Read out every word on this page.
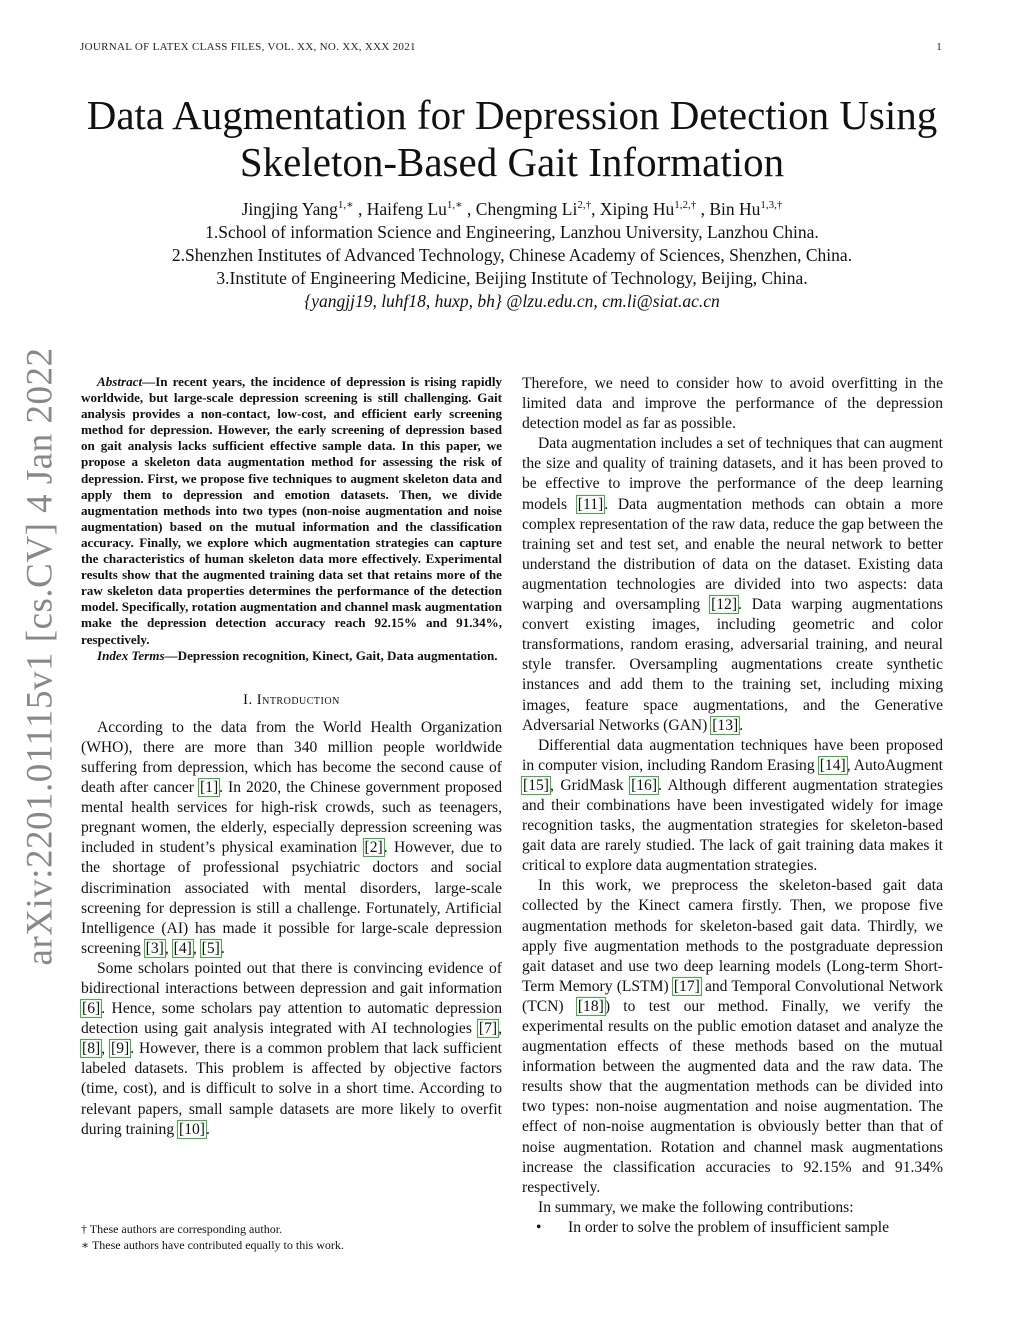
JOURNAL OF LATEX CLASS FILES, VOL. XX, NO. XX, XXX 2021	1
Data Augmentation for Depression Detection Using
Skeleton-Based Gait Information
Jingjing Yang$^{1,∗}$ , Haifeng $Lu^{1,∗}$ , Chengming $Li^{2,\dagger}$, Xiping $Hu^{1,2,\dagger}$ , Bin $Hu^{1,3,\dagger}$
1.School of information Science and Engineering, Lanzhou University, Lanzhou China.
2.Shenzhen Institutes of Advanced Technology, Chinese Academy of Sciences, Shenzhen, China.
3.Institute of Engineering Medicine, Beijing Institute of Technology, Beijing, China.
{yangjj19, luhf18, huxp, bh} @lzu.edu.cn, cm.li@siat.ac.cn
arXiv:2201.01115v1 [cs.CV] 4 Jan 2022	Abstract—In recent years, the incidence of depression is rising rapidly worldwide, but large-scale depression screening is still challenging. Gait analysis provides a non-contact, low-cost, and efficient early screening method for depression. However, the early screening of depression based on gait analysis lacks sufficient effective sample data. In this paper, we propose a skeleton data augmentation method for assessing the risk of depression. First, we propose five techniques to augment skeleton data and apply them to depression and emotion datasets. Then, we divide augmentation methods into two types (non-noise augmentation and noise augmentation) based on the mutual information and the classification accuracy. Finally, we explore which augmentation strategies can capture the characteristics of human skeleton data more effectively. Experimental results show that the augmented training data set that retains more of the raw skeleton data properties determines the performance of the detection model. Specifically, rotation augmentation and channel mask augmentation make the depression detection accuracy reach 92.15% and 91.34%, respectively.

Index Terms—Depression recognition, Kinect, Gait, Data augmentation.

I. Introduction

According to the data from the World Health Organization (WHO), there are more than 340 million people worldwide suffering from depression, which has become the second cause of death after cancer [1]. In 2020, the Chinese government proposed mental health services for high-risk crowds, such as teenagers, pregnant women, the elderly, especially depression screening was included in student’s physical examination [2]. However, due to the shortage of professional psychiatric doctors and social discrimination associated with mental disorders, large-scale screening for depression is still a challenge. Fortunately, Artificial Intelligence (AI) has made it possible for large-scale depression screening [3], [4], [5].

Some scholars pointed out that there is convincing evidence of bidirectional interactions between depression and gait information [6]. Hence, some scholars pay attention to automatic depression detection using gait analysis integrated with AI technologies [7], [8], [9]. However, there is a common problem that lack sufficient labeled datasets. This problem is affected by objective factors (time, cost), and is difficult to solve in a short time. According to relevant papers, small sample datasets are more likely to overfit during training [10].

† These authors are corresponding author.
∗ These authors have contributed equally to this work.

Therefore, we need to consider how to avoid overfitting in the limited data and improve the performance of the depression detection model as far as possible.

Data augmentation includes a set of techniques that can augment the size and quality of training datasets, and it has been proved to be effective to improve the performance of the deep learning models [11]. Data augmentation methods can obtain a more complex representation of the raw data, reduce the gap between the training set and test set, and enable the neural network to better understand the distribution of data on the dataset. Existing data augmentation technologies are divided into two aspects: data warping and oversampling [12]. Data warping augmentations convert existing images, including geometric and color transformations, random erasing, adversarial training, and neural style transfer. Oversampling augmentations create synthetic instances and add them to the training set, including mixing images, feature space augmentations, and the Generative Adversarial Networks (GAN) [13].

Differential data augmentation techniques have been proposed in computer vision, including Random Erasing [14], AutoAugment [15], GridMask [16]. Although different augmentation strategies and their combinations have been investigated widely for image recognition tasks, the augmentation strategies for skeleton-based gait data are rarely studied. The lack of gait training data makes it critical to explore data augmentation strategies.

In this work, we preprocess the skeleton-based gait data collected by the Kinect camera firstly. Then, we propose five augmentation methods for skeleton-based gait data. Thirdly, we apply five augmentation methods to the postgraduate depression gait dataset and use two deep learning models (Long-term Short-Term Memory (LSTM) [17] and Temporal Convolutional Network (TCN) [18]) to test our method. Finally, we verify the experimental results on the public emotion dataset and analyze the augmentation effects of these methods based on the mutual information between the augmented data and the raw data. The results show that the augmentation methods can be divided into two types: non-noise augmentation and noise augmentation. The effect of non-noise augmentation is obviously better than that of noise augmentation. Rotation and channel mask augmentations increase the classification accuracies to 92.15% and 91.34% respectively.

In summary, we make the following contributions:

• In order to solve the problem of insufficient sample
